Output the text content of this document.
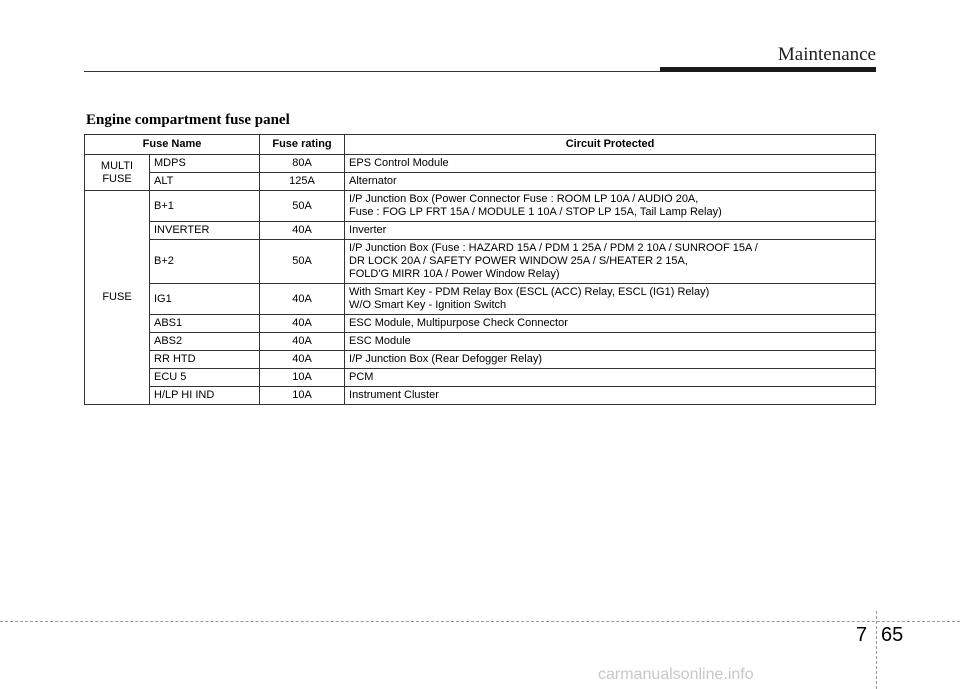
Maintenance
Engine compartment fuse panel
Fuse Name		Fuse rating	Circuit Protected
MULTI FUSE	MDPS	80A	EPS Control Module

	ALT	125A	Alternator

FUSE	B+1	50A	I/P Junction Box (Power Connector Fuse : ROOM LP 10A / AUDIO 20A,
Fuse : FOG LP FRT 15A / MODULE 1 10A / STOP LP 15A, Tail Lamp Relay)

	INVERTER	40A	Inverter

	B+2	50A	I/P Junction Box (Fuse : HAZARD 15A / PDM 1 25A / PDM 2 10A / SUNROOF 15A /
DR LOCK 20A / SAFETY POWER WINDOW 25A / S/HEATER 2 15A,
FOLD'G MIRR 10A / Power Window Relay)

	IG1	40A	With Smart Key - PDM Relay Box (ESCL (ACC) Relay, ESCL (IG1) Relay)
W/O Smart Key - Ignition Switch

	ABS1	40A	ESC Module, Multipurpose Check Connector

	ABS2	40A	ESC Module

	RR HTD	40A	I/P Junction Box (Rear Defogger Relay)

	ECU 5	10A	PCM

	H/LP HI IND	10A	Instrument Cluster
7 65
carmanualsonline.info
